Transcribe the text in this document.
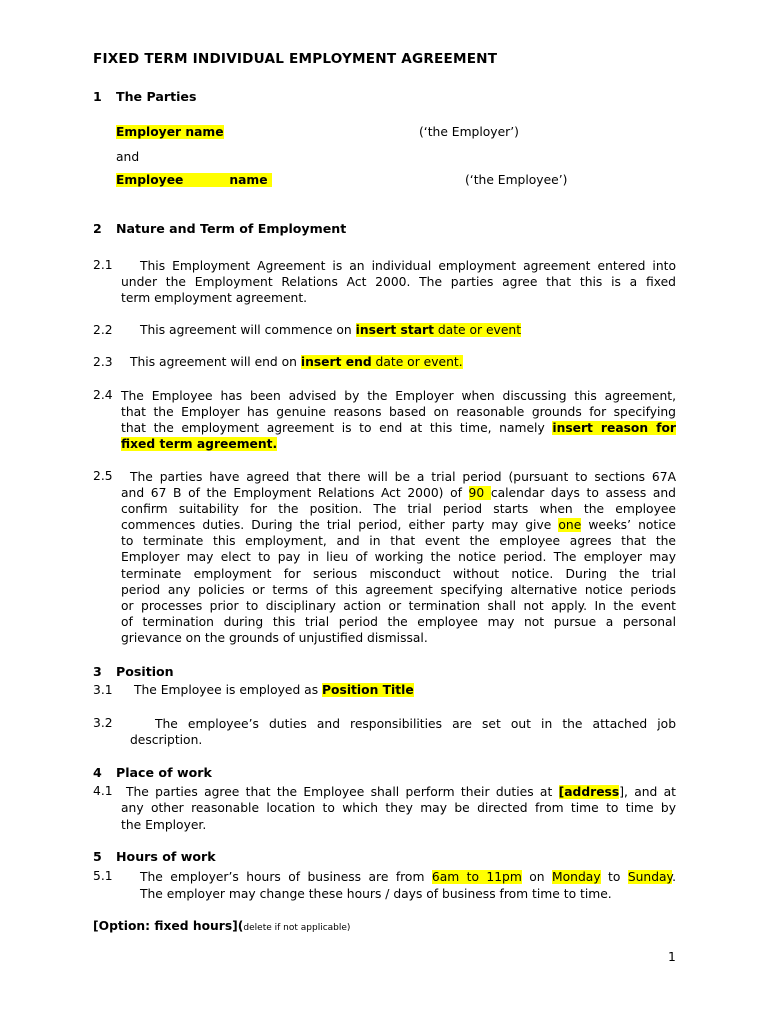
FIXED TERM INDIVIDUAL EMPLOYMENT AGREEMENT
1 The Parties
Employer name	(‘the Employer’)
and
Employee	name	(‘the Employee’)
2 Nature and Term of Employment
2.1 This Employment Agreement is an individual employment agreement entered into
under the Employment Relations Act 2000. The parties agree that this is a fixed
term employment agreement.
2.2 This agreement will commence on insert start date or event
2.3 This agreement will end on insert end date or event.
2.4 The Employee has been advised by the Employer when discussing this agreement,
that the Employer has genuine reasons based on reasonable grounds for specifying
that the employment agreement is to end at this time, namely insert reason for
fixed term agreement.
2.5 The parties have agreed that there will be a trial period (pursuant to sections 67A
and 67 B of the Employment Relations Act 2000) of 90 calendar days to assess and
confirm suitability for the position. The trial period starts when the employee
commences duties. During the trial period, either party may give one weeks’ notice
to terminate this employment, and in that event the employee agrees that the
Employer may elect to pay in lieu of working the notice period. The employer may
terminate employment for serious misconduct without notice. During the trial
period any policies or terms of this agreement specifying alternative notice periods
or processes prior to disciplinary action or termination shall not apply. In the event
of termination during this trial period the employee may not pursue a personal
grievance on the grounds of unjustified dismissal.
3 Position
3.1 The Employee is employed as Position Title
3.2	The employee’s duties and responsibilities are set out in the attached job
description.
4 Place of work
4.1 The parties agree that the Employee shall perform their duties at [address], and at
any other reasonable location to which they may be directed from time to time by
the Employer.
5 Hours of work
5.1 The employer’s hours of business are from 6am to 11pm on Monday to Sunday.
The employer may change these hours / days of business from time to time.
[Option: fixed hours](delete if not applicable)
1
